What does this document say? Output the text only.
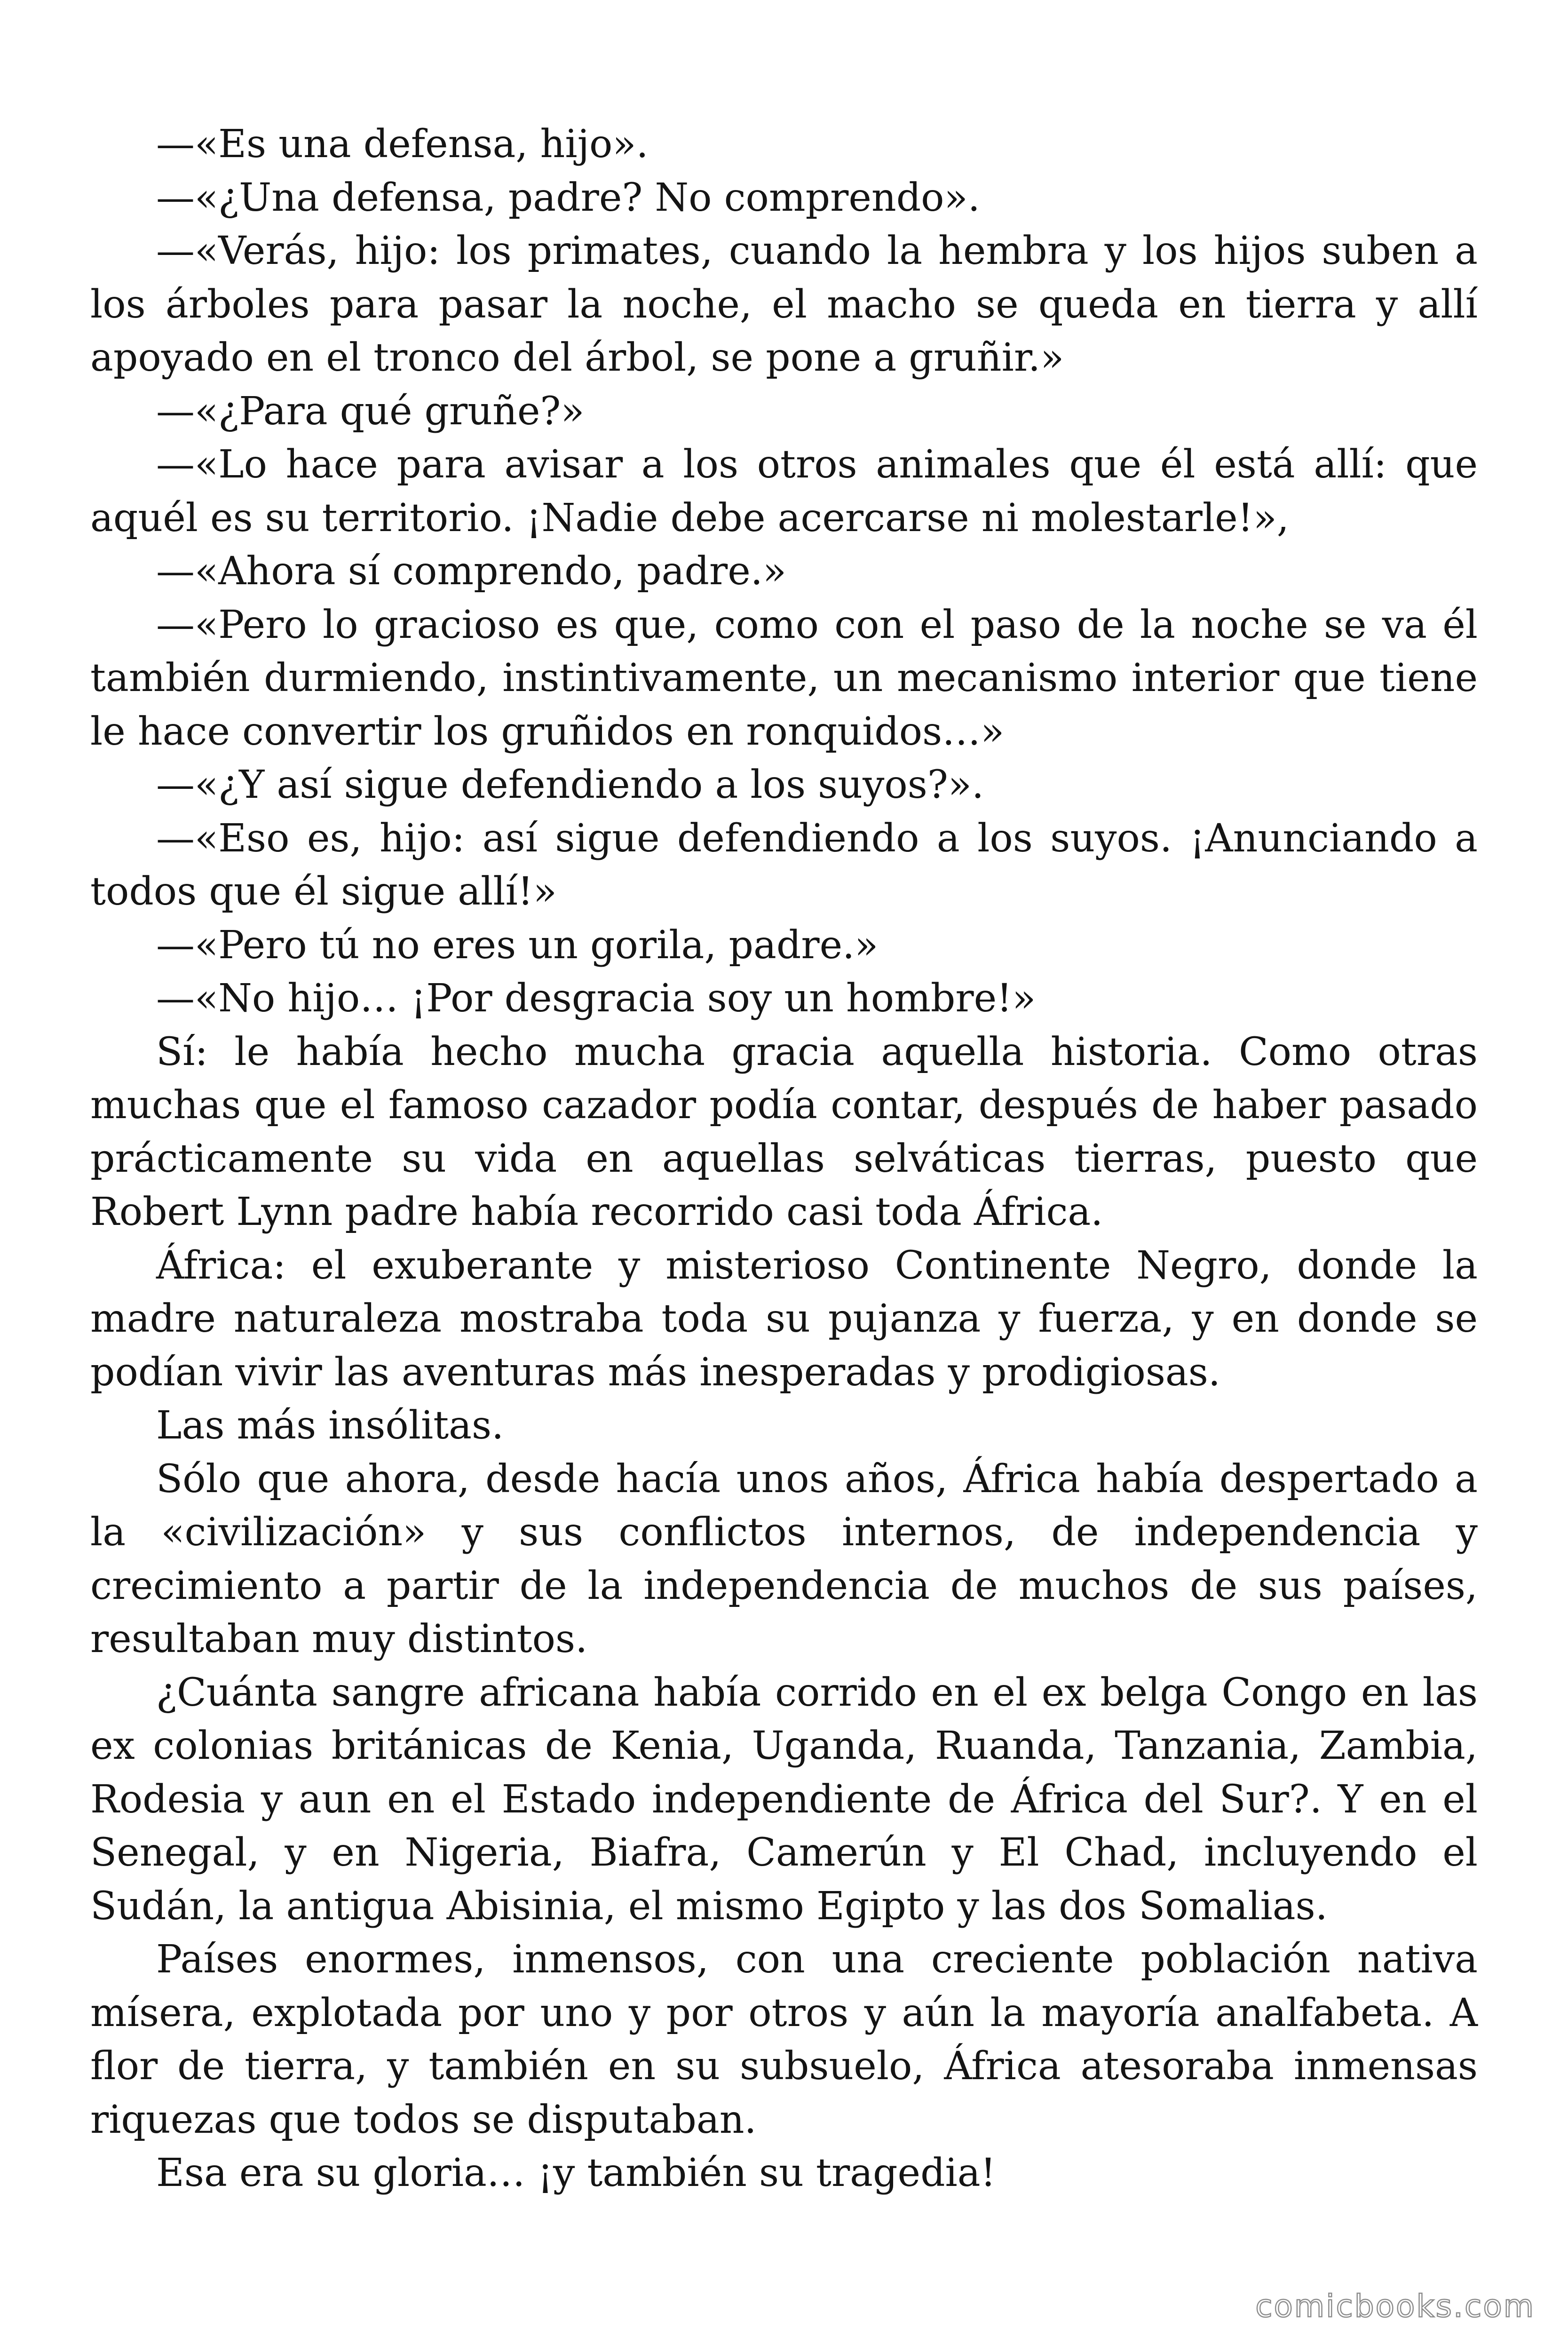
—«Es una defensa, hijo».

—«¿Una defensa, padre? No comprendo».

—«Verás, hijo: los primates, cuando la hembra y los hijos suben a los árboles para pasar la noche, el macho se queda en tierra y allí apoyado en el tronco del árbol, se pone a gruñir.»

—«¿Para qué gruñe?»

—«Lo hace para avisar a los otros animales que él está allí: que aquél es su territorio. ¡Nadie debe acercarse ni molestarle!»,

—«Ahora sí comprendo, padre.»

—«Pero lo gracioso es que, como con el paso de la noche se va él también durmiendo, instintivamente, un mecanismo interior que tiene le hace convertir los gruñidos en ronquidos…»

—«¿Y así sigue defendiendo a los suyos?».

—«Eso es, hijo: así sigue defendiendo a los suyos. ¡Anunciando a todos que él sigue allí!»

—«Pero tú no eres un gorila, padre.»

—«No hijo… ¡Por desgracia soy un hombre!»

Sí: le había hecho mucha gracia aquella historia. Como otras muchas que el famoso cazador podía contar, después de haber pasado prácticamente su vida en aquellas selváticas tierras, puesto que Robert Lynn padre había recorrido casi toda África.

África: el exuberante y misterioso Continente Negro, donde la madre naturaleza mostraba toda su pujanza y fuerza, y en donde se podían vivir las aventuras más inesperadas y prodigiosas.

Las más insólitas.

Sólo que ahora, desde hacía unos años, África había despertado a la «civilización» y sus conflictos internos, de independencia y crecimiento a partir de la independencia de muchos de sus países, resultaban muy distintos.

¿Cuánta sangre africana había corrido en el ex belga Congo en las ex colonias británicas de Kenia, Uganda, Ruanda, Tanzania, Zambia, Rodesia y aun en el Estado independiente de África del Sur?. Y en el Senegal, y en Nigeria, Biafra, Camerún y El Chad, incluyendo el Sudán, la antigua Abisinia, el mismo Egipto y las dos Somalias.

Países enormes, inmensos, con una creciente población nativa mísera, explotada por uno y por otros y aún la mayoría analfabeta. A flor de tierra, y también en su subsuelo, África atesoraba inmensas riquezas que todos se disputaban.

Esa era su gloria… ¡y también su tragedia!

comicbooks.com
